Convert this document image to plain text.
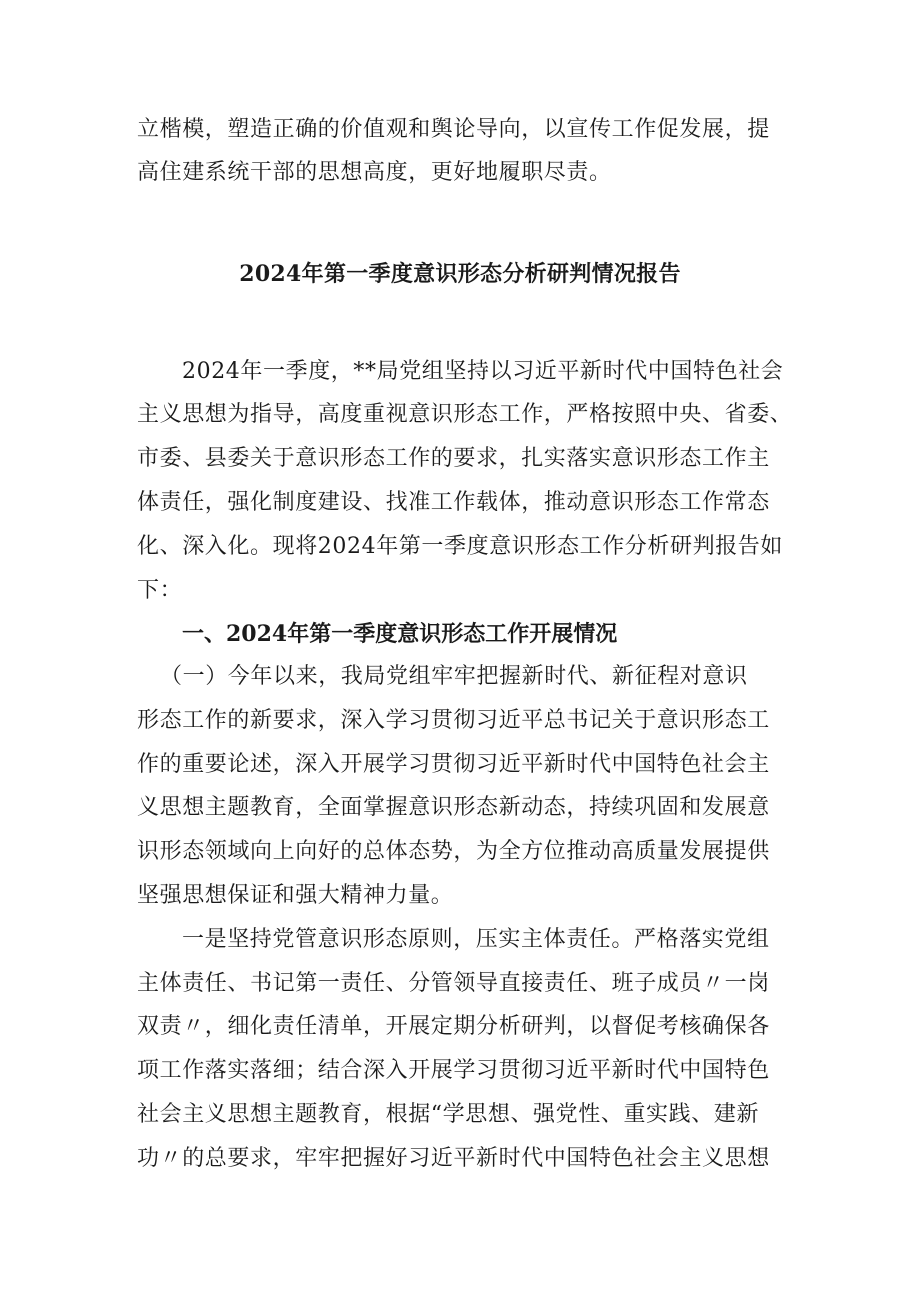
立楷模，塑造正确的价值观和舆论导向，以宣传工作促发展，提
高住建系统干部的思想高度，更好地履职尽责。
2024年第一季度意识形态分析研判情况报告
2024年一季度，**局党组坚持以习近平新时代中国特色社会
主义思想为指导，高度重视意识形态工作，严格按照中央、省委、
市委、县委关于意识形态工作的要求，扎实落实意识形态工作主
体责任，强化制度建设、找准工作载体，推动意识形态工作常态
化、深入化。现将2024年第一季度意识形态工作分析研判报告如
下：
一、2024年第一季度意识形态工作开展情况
（一）今年以来，我局党组牢牢把握新时代、新征程对意识
形态工作的新要求，深入学习贯彻习近平总书记关于意识形态工
作的重要论述，深入开展学习贯彻习近平新时代中国特色社会主
义思想主题教育，全面掌握意识形态新动态，持续巩固和发展意
识形态领域向上向好的总体态势，为全方位推动高质量发展提供
坚强思想保证和强大精神力量。
一是坚持党管意识形态原则，压实主体责任。严格落实党组
主体责任、书记第一责任、分管领导直接责任、班子成员〃一岗
双责〃，细化责任清单，开展定期分析研判，以督促考核确保各
项工作落实落细；结合深入开展学习贯彻习近平新时代中国特色
社会主义思想主题教育，根据“学思想、强党性、重实践、建新
功〃的总要求，牢牢把握好习近平新时代中国特色社会主义思想
